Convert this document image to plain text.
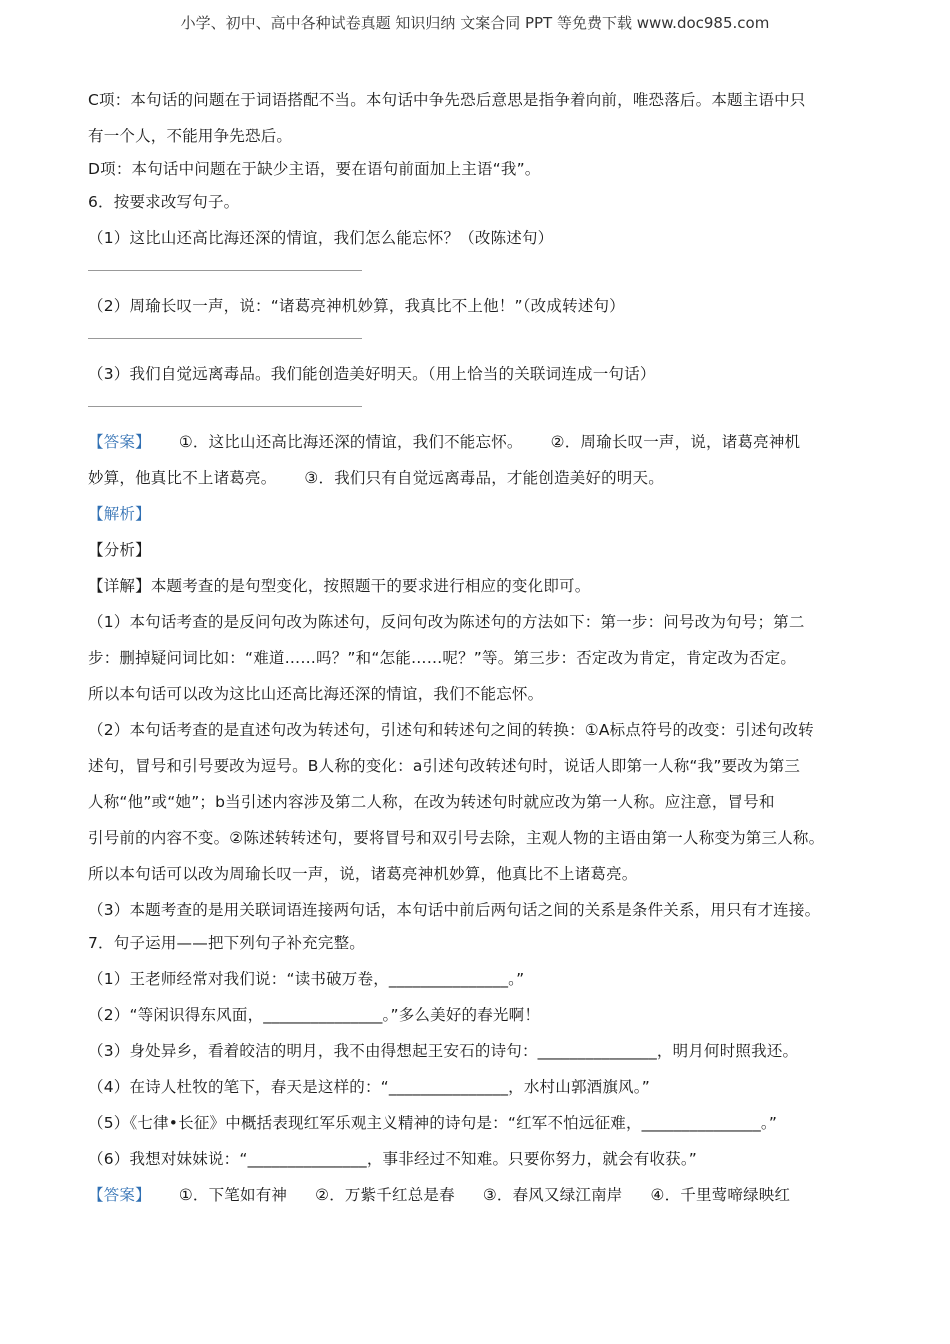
小学、初中、高中各种试卷真题 知识归纳 文案合同 PPT 等免费下载 www.doc985.com
C项：本句话的问题在于词语搭配不当。本句话中争先恐后意思是指争着向前，唯恐落后。本题主语中只
有一个人，不能用争先恐后。
D项：本句话中问题在于缺少主语，要在语句前面加上主语“我”。
6．按要求改写句子。
（1）这比山还高比海还深的情谊，我们怎么能忘怀？（改陈述句）
（2）周瑜长叹一声，说：“诸葛亮神机妙算，我真比不上他！”（改成转述句）
（3）我们自觉远离毒品。我们能创造美好明天。（用上恰当的关联词连成一句话）
【答案】 ①．这比山还高比海还深的情谊，我们不能忘怀。 ②．周瑜长叹一声，说，诸葛亮神机
妙算，他真比不上诸葛亮。 ③．我们只有自觉远离毒品，才能创造美好的明天。
【解析】
【分析】
【详解】本题考查的是句型变化，按照题干的要求进行相应的变化即可。
（1）本句话考查的是反问句改为陈述句，反问句改为陈述句的方法如下：第一步：问号改为句号；第二
步：删掉疑问词比如：“难道……吗？”和“怎能……呢？”等。第三步：否定改为肯定，肯定改为否定。
所以本句话可以改为这比山还高比海还深的情谊，我们不能忘怀。
（2）本句话考查的是直述句改为转述句，引述句和转述句之间的转换：①A标点符号的改变：引述句改转
述句，冒号和引号要改为逗号。B人称的变化：a引述句改转述句时，说话人即第一人称“我”要改为第三
人称“他”或“她”；b当引述内容涉及第二人称，在改为转述句时就应改为第一人称。应注意，冒号和
引号前的内容不变。②陈述转转述句，要将冒号和双引号去除，主观人物的主语由第一人称变为第三人称。
所以本句话可以改为周瑜长叹一声，说，诸葛亮神机妙算，他真比不上诸葛亮。
（3）本题考查的是用关联词语连接两句话，本句话中前后两句话之间的关系是条件关系，用只有才连接。
7．句子运用——把下列句子补充完整。
（1）王老师经常对我们说：“读书破万卷，_______________。”
（2）“等闲识得东风面，_______________。”多么美好的春光啊！
（3）身处异乡，看着皎洁的明月，我不由得想起王安石的诗句：_______________，明月何时照我还。
（4）在诗人杜牧的笔下，春天是这样的：“_______________，水村山郭酒旗风。”
（5）《七律•长征》中概括表现红军乐观主义精神的诗句是：“红军不怕远征难，_______________。”
（6）我想对妹妹说：“_______________，事非经过不知难。只要你努力，就会有收获。”
【答案】 ①．下笔如有神 ②．万紫千红总是春 ③．春风又绿江南岸 ④．千里莺啼绿映红
